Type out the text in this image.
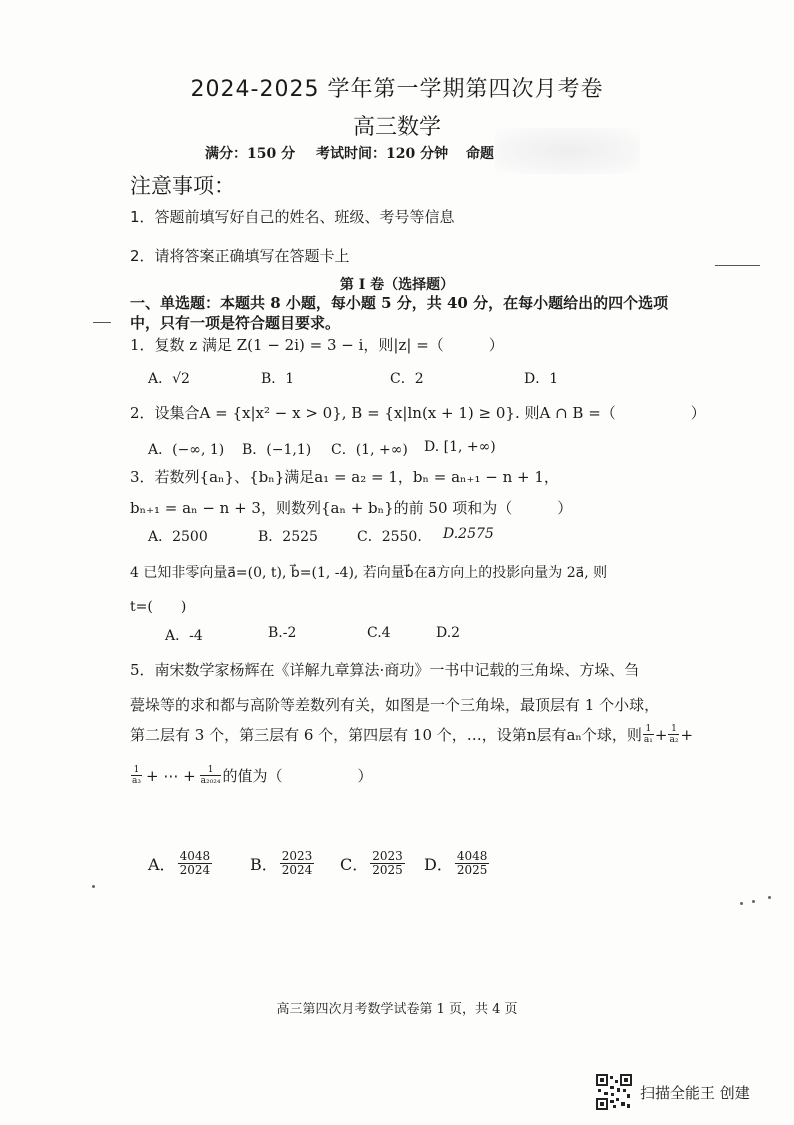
2024-2025 学年第一学期第四次月考卷
高三数学
满分：150 分 考试时间：120 分钟 命题
注意事项：
1．答题前填写好自己的姓名、班级、考号等信息
2．请将答案正确填写在答题卡上
第 I 卷（选择题）
一、单选题：本题共 8 小题，每小题 5 分，共 40 分，在每小题给出的四个选项
中，只有一项是符合题目要求。
1．复数 z 满足 Z(1 − 2i) = 3 − i，则|z| =（　　　）
A．√2	B．1	C．2	D．1
2．设集合A = {x|x² − x > 0}, B = {x|ln(x + 1) ≥ 0}. 则A ∩ B =（　　　　　）
A．(−∞, 1) B．(−1,1) C．(1, +∞) D. [1, +∞)
3．若数列{aₙ}、{bₙ}满足a₁ = a₂ = 1，bₙ = aₙ₊₁ − n + 1，
bₙ₊₁ = aₙ − n + 3，则数列{aₙ + bₙ}的前 50 项和为（　　　）
A．2500	B．2525	C．2550. D.2575
4 已知非零向量a⃗=(0, t), b⃗=(1, -4), 若向量b⃗在a⃗方向上的投影向量为 2a⃗, 则
t=(　　)
A．-4	B.-2	C.4	D.2
5．南宋数学家杨辉在《详解九章算法·商功》一书中记载的三角垛、方垛、刍
甍垛等的求和都与高阶等差数列有关，如图是一个三角垛，最顶层有 1 个小球，
第二层有 3 个，第三层有 6 个，第四层有 10 个，…，设第n层有aₙ个球，则 $\frac{1}{\text{a₁}} + \frac{1}{\text{a₂}}$ +
$\frac{1}{\text{a₃}}$ + ⋯ + $\frac{1}{\text{a₂₀₂₄}}$ 的值为（　　　　　）
A． $\frac{4048}{2024}$ B． $\frac{2023}{2024}$ C． $\frac{2023}{2025}$ D． $\frac{4048}{2025}$
高三第四次月考数学试卷第 1 页，共 4 页
扫描全能王 创建
